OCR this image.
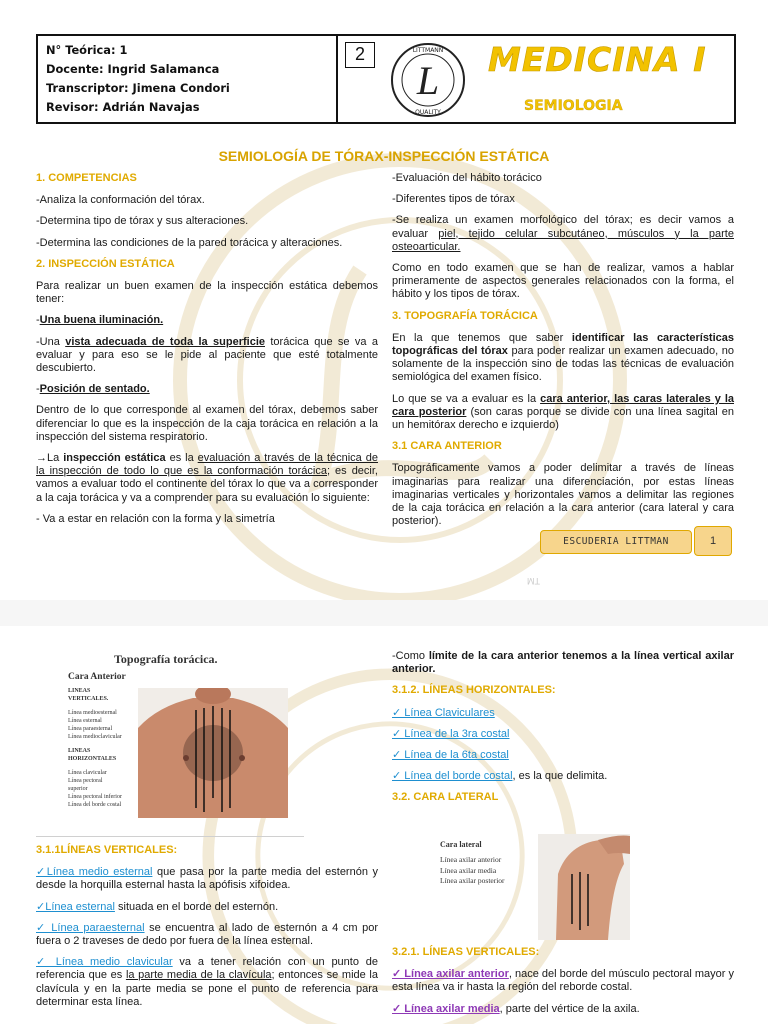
N° Teórica: 1
Docente: Ingrid Salamanca
Transcriptor: Jimena Condori
Revisor: Adrián Navajas
2
L
LITTMANN
QUALITY
MEDICINA I
SEMIOLOGIA
SEMIOLOGÍA DE TÓRAX-INSPECCIÓN ESTÁTICA

1. COMPETENCIAS

-Analiza la conformación del tórax.

-Determina tipo de tórax y sus alteraciones.

-Determina las condiciones de la pared torácica y alteraciones.

2. INSPECCIÓN ESTÁTICA

Para realizar un buen examen de la inspección estática debemos tener:

-Una buena iluminación.

-Una vista adecuada de toda la superficie torácica que se va a evaluar y para eso se le pide al paciente que esté totalmente descubierto.

-Posición de sentado.

Dentro de lo que corresponde al examen del tórax, debemos saber diferenciar lo que es la inspección de la caja torácica en relación a la inspección del sistema respiratorio.

→La inspección estática es la evaluación a través de la técnica de la inspección de todo lo que es la conformación torácica; es decir, vamos a evaluar todo el continente del tórax lo que va a corresponder a la caja torácica y va a comprender para su evaluación lo siguiente:

- Va a estar en relación con la forma y la simetría

-Evaluación del hábito torácico

-Diferentes tipos de tórax

-Se realiza un examen morfológico del tórax; es decir vamos a evaluar piel, tejido celular subcutáneo, músculos y la parte osteoarticular.

Como en todo examen que se han de realizar, vamos a hablar primeramente de aspectos generales relacionados con la forma, el hábito y los tipos de tórax.

3. TOPOGRAFÍA TORÁCICA

En la que tenemos que saber identificar las características topográficas del tórax para poder realizar un examen adecuado, no solamente de la inspección sino de todas las técnicas de evaluación semiológica del examen físico.

Lo que se va a evaluar es la cara anterior, las caras laterales y la cara posterior (son caras porque se divide con una línea sagital en un hemitórax derecho e izquierdo)

3.1 CARA ANTERIOR

Topográficamente vamos a poder delimitar a través de líneas imaginarias para realizar una diferenciación, por estas líneas imaginarias verticales y horizontales vamos a delimitar las regiones de la caja torácica en relación a la cara anterior (cara lateral y cara posterior).

ESCUDERIA LITTMAN	1
TM
Topografía torácica.
Cara Anterior
LINEAS
VERTICALES.
Línea medioesternal
Línea esternal
Línea paraesternal
Línea medioclavicular
LINEAS
HORIZONTALES
Línea clavicular
Línea pectoral
superior
Línea pectoral inferior
Línea del borde costal

3.1.1LÍNEAS VERTICALES:

✓Línea medio esternal que pasa por la parte media del esternón y desde la horquilla esternal hasta la apófisis xifoidea.

✓Línea esternal situada en el borde del esternón.

✓ Línea paraesternal se encuentra al lado de esternón a 4 cm por fuera o 2 traveses de dedo por fuera de la línea esternal.

✓ Línea medio clavicular va a tener relación con un punto de referencia que es la parte media de la clavícula; entonces se mide la clavícula y en la parte media se pone el punto de referencia para determinar esta línea.

-Como límite de la cara anterior tenemos a la línea vertical axilar anterior.

3.1.2. LÍNEAS HORIZONTALES:

✓ Línea Claviculares

✓ Línea de la 3ra costal

✓ Línea de la 6ta costal

✓ Línea del borde costal, es la que delimita.

3.2. CARA LATERAL

Cara lateral
Línea axilar anterior
Línea axilar media
Línea axilar posterior

3.2.1. LÍNEAS VERTICALES:

✓ Línea axilar anterior, nace del borde del músculo pectoral mayor y esta línea va ir hasta la región del reborde costal.

✓ Línea axilar media, parte del vértice de la axila.
